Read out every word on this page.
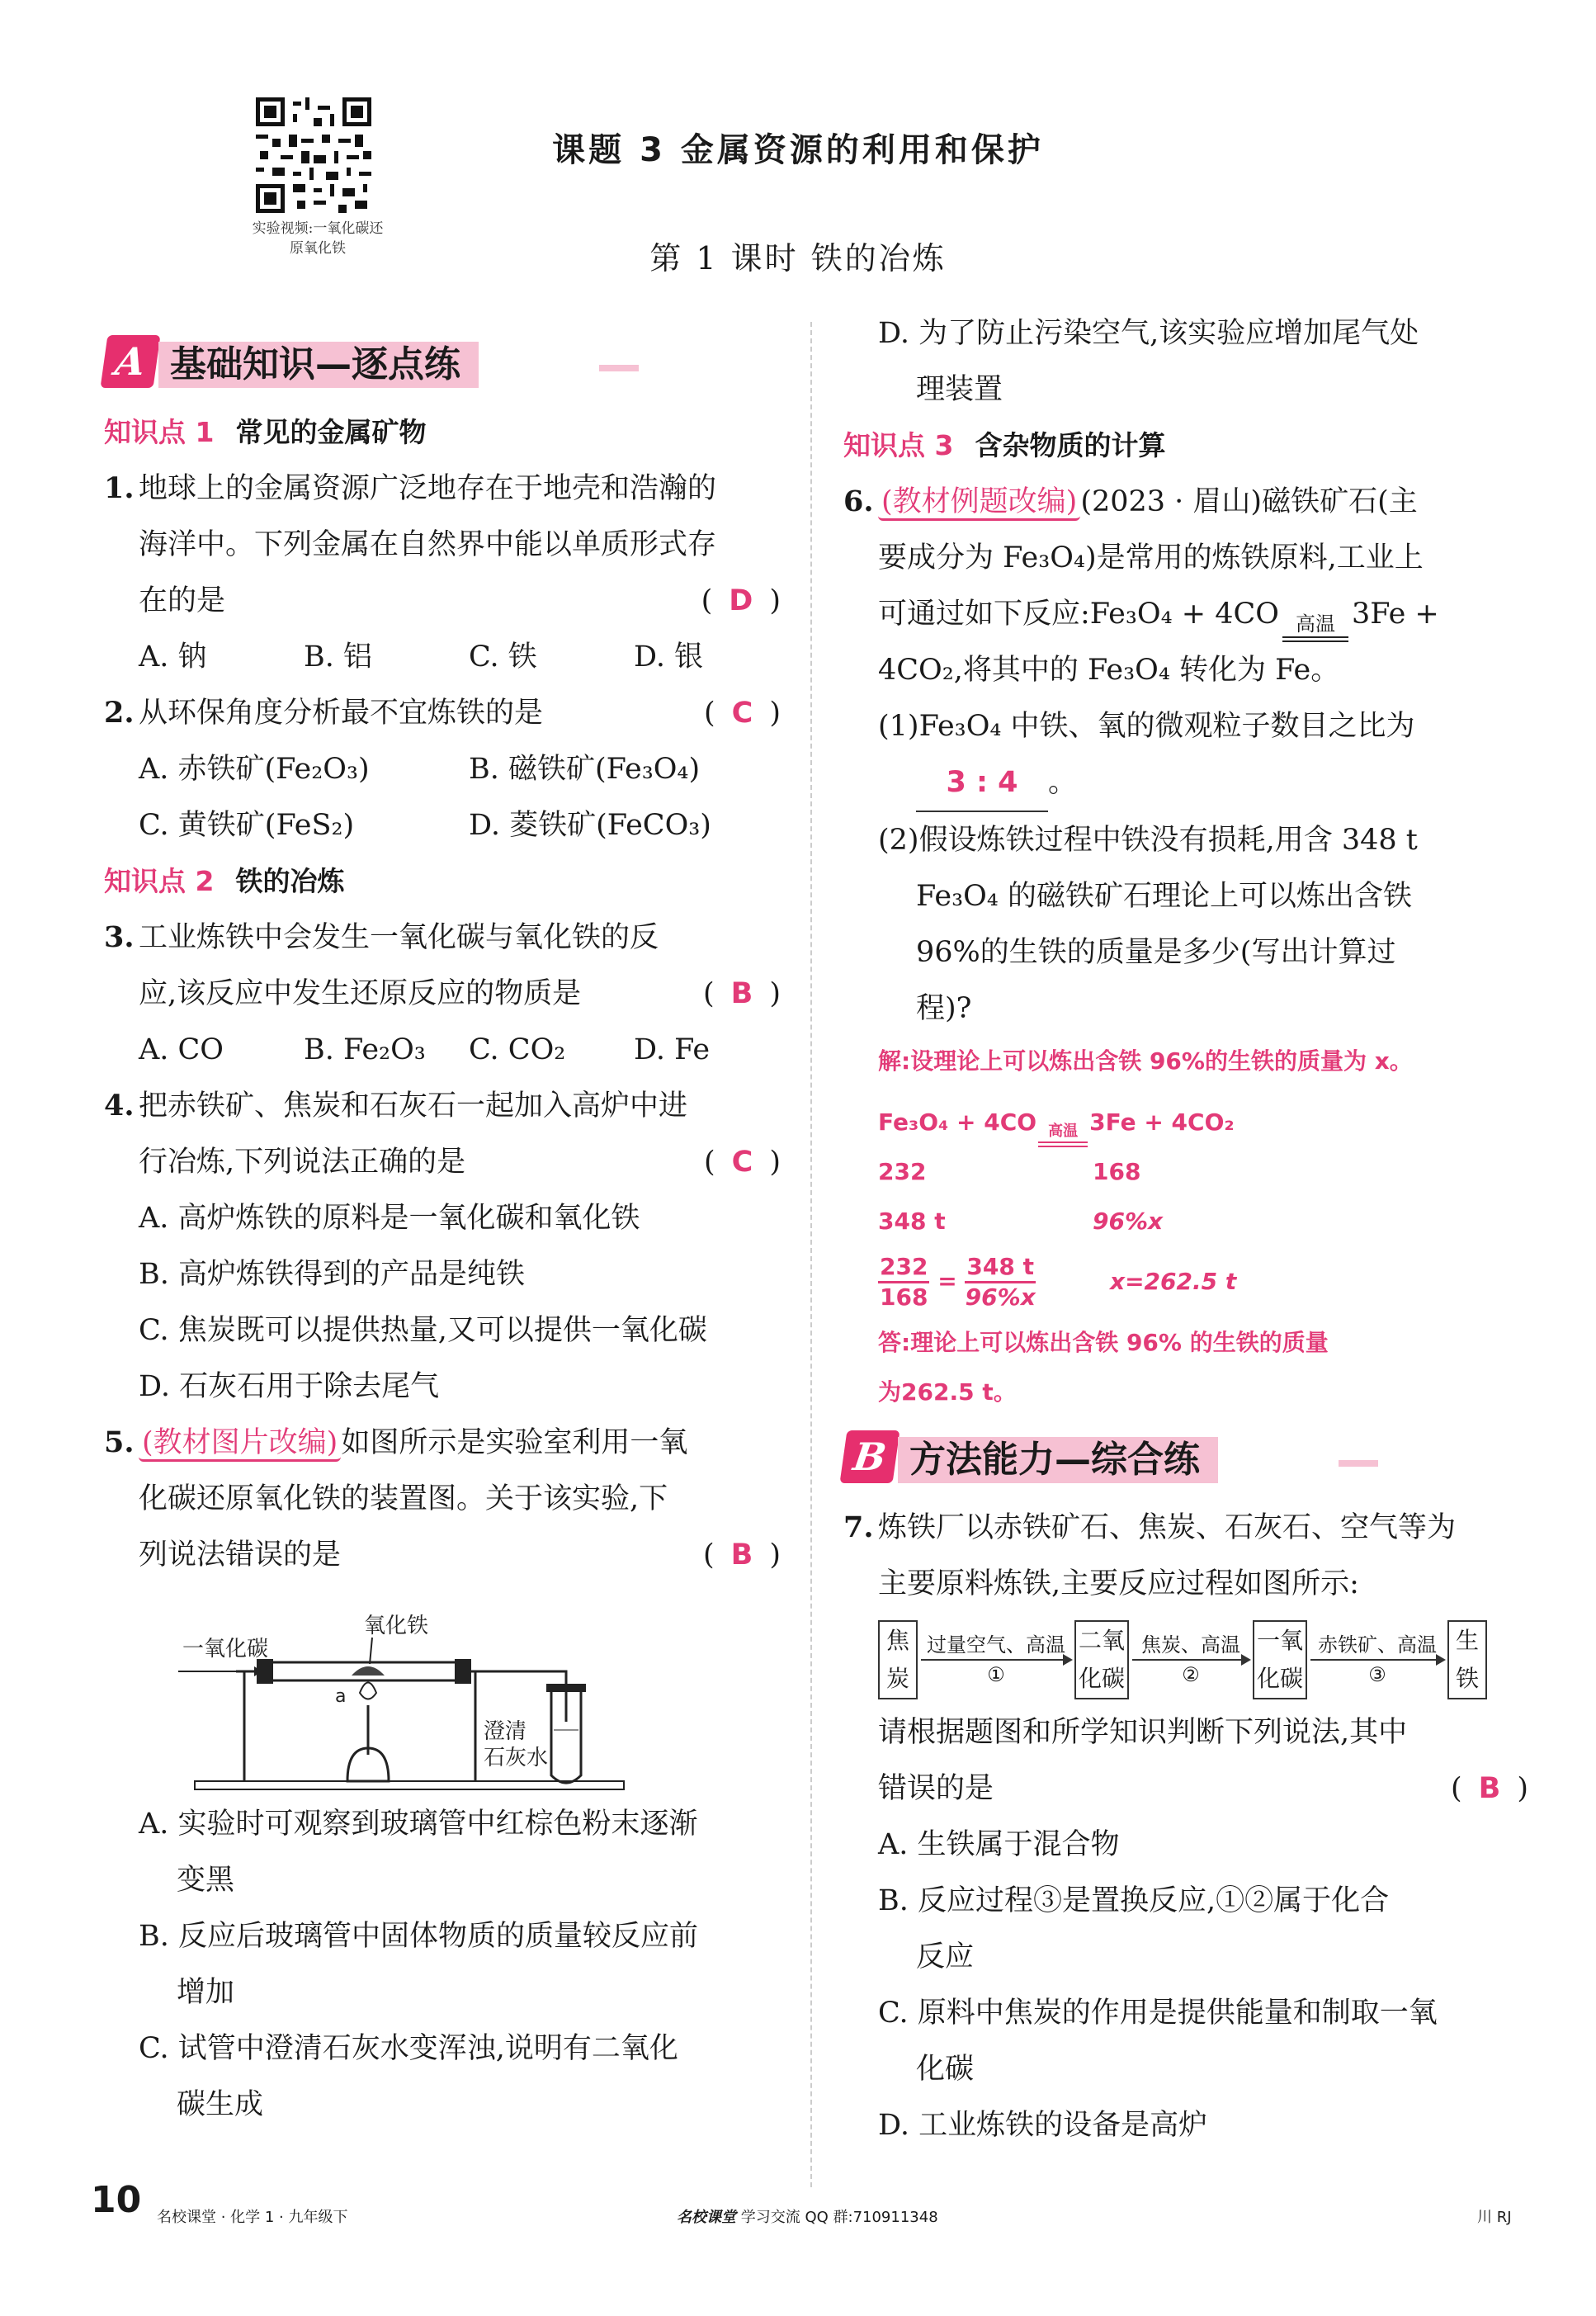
实验视频:一氧化碳还原氧化铁
课题 3 金属资源的利用和保护
第 1 课时 铁的冶炼
A 基础知识—逐点练
知识点 1 常见的金属矿物
1. 地球上的金属资源广泛地存在于地壳和浩瀚的
海洋中。下列金属在自然界中能以单质形式存
在的是	( D )
A. 钠	B. 铝	C. 铁	D. 银
2. 从环保角度分析最不宜炼铁的是	( C )
A. 赤铁矿(Fe₂O₃)	B. 磁铁矿(Fe₃O₄)
C. 黄铁矿(FeS₂)	D. 菱铁矿(FeCO₃)
知识点 2 铁的冶炼
3. 工业炼铁中会发生一氧化碳与氧化铁的反
应,该反应中发生还原反应的物质是	( B )
A. CO	B. Fe₂O₃	C. CO₂	D. Fe
4. 把赤铁矿、焦炭和石灰石一起加入高炉中进
行冶炼,下列说法正确的是	( C )
A. 高炉炼铁的原料是一氧化碳和氧化铁
B. 高炉炼铁得到的产品是纯铁
C. 焦炭既可以提供热量,又可以提供一氧化碳
D. 石灰石用于除去尾气
5. (教材图片改编) 如图所示是实验室利用一氧
化碳还原氧化铁的装置图。关于该实验,下
列说法错误的是	( B )
一氧化碳
氧化铁
a
澄清
石灰水
A. 实验时可观察到玻璃管中红棕色粉末逐渐
变黑
B. 反应后玻璃管中固体物质的质量较反应前
增加
C. 试管中澄清石灰水变浑浊,说明有二氧化
碳生成
D. 为了防止污染空气,该实验应增加尾气处
理装置
知识点 3 含杂物质的计算
6. (教材例题改编) (2023 · 眉山)磁铁矿石(主
要成分为 Fe₃O₄)是常用的炼铁原料,工业上
可通过如下反应:Fe₃O₄ + 4CO 高温 3Fe +
4CO₂,将其中的 Fe₃O₄ 转化为 Fe。
(1)Fe₃O₄ 中铁、氧的微观粒子数目之比为
3 : 4 。
(2)假设炼铁过程中铁没有损耗,用含 348 t
Fe₃O₄ 的磁铁矿石理论上可以炼出含铁
96%的生铁的质量是多少(写出计算过
程)?
解:设理论上可以炼出含铁 96%的生铁的质量为 x。
Fe₃O₄ + 4CO 高温 3Fe + 4CO₂
232	168
348 t	96%x
$\frac{232}{168} = \frac{348 t}{96\%x}$	x=262.5 t
答:理论上可以炼出含铁 96% 的生铁的质量
为262.5 t。
B 方法能力—综合练
7. 炼铁厂以赤铁矿石、焦炭、石灰石、空气等为
主要原料炼铁,主要反应过程如图所示:
焦
炭
过量空气、高温
①
二氧
化碳
焦炭、高温
②
一氧
化碳
赤铁矿、高温
③
生
铁
请根据题图和所学知识判断下列说法,其中
错误的是	( B )
A. 生铁属于混合物
B. 反应过程③是置换反应,①②属于化合
反应
C. 原料中焦炭的作用是提供能量和制取一氧
化碳
D. 工业炼铁的设备是高炉
10 名校课堂 · 化学 1 · 九年级下	名校课堂 学习交流 QQ 群:710911348	川 RJ
